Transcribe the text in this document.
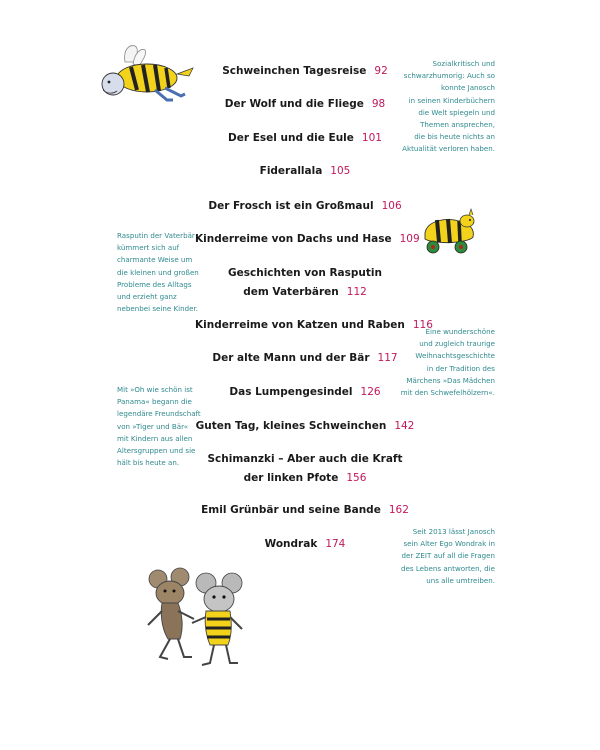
Schweinchen Tagesreise 92
Der Wolf und die Fliege 98
Der Esel und die Eule 101
Fiderallala 105
Der Frosch ist ein Großmaul 106
Kinderreime von Dachs und Hase 109
Geschichten von Rasputin
dem Vaterbären 112
Kinderreime von Katzen und Raben 116
Der alte Mann und der Bär 117
Das Lumpengesindel 126
Guten Tag, kleines Schweinchen 142
Schimanzki – Aber auch die Kraft
der linken Pfote 156
Emil Grünbär und seine Bande 162
Wondrak 174
Sozialkritisch und
schwarzhumorig: Auch so
konnte Janosch
in seinen Kinderbüchern
die Welt spiegeln und
Themen ansprechen,
die bis heute nichts an
Aktualität verloren haben.
Rasputin der Vaterbär
kümmert sich auf
charmante Weise um
die kleinen und großen
Probleme des Alltags
und erzieht ganz
nebenbei seine Kinder.
Eine wunderschöne
und zugleich traurige
Weihnachtsgeschichte
in der Tradition des
Märchens »Das Mädchen
mit den Schwefelhölzern«.
Mit »Oh wie schön ist
Panama« begann die
legendäre Freundschaft
von »Tiger und Bär«
mit Kindern aus allen
Altersgruppen und sie
hält bis heute an.
Seit 2013 lässt Janosch
sein Alter Ego Wondrak in
der ZEIT auf all die Fragen
des Lebens antworten, die
uns alle umtreiben.
